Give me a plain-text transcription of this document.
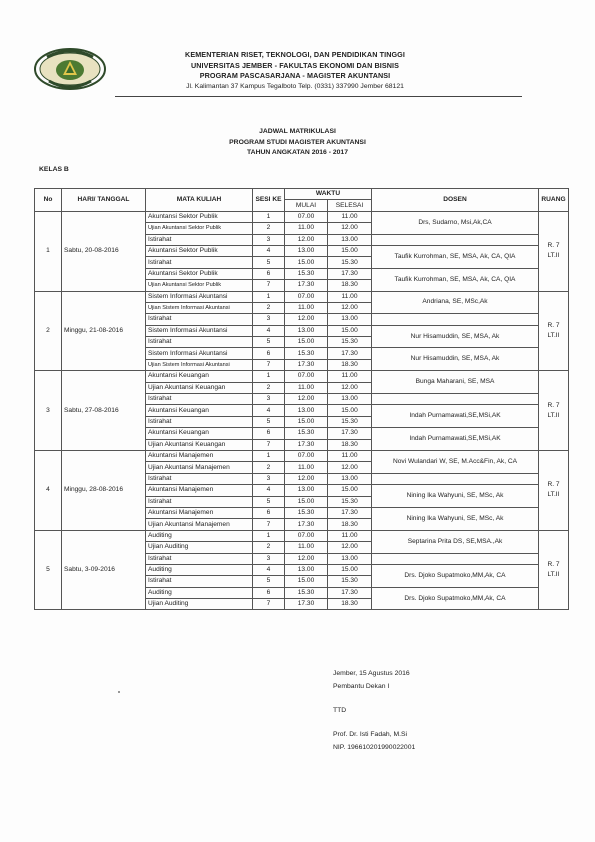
KEMENTERIAN RISET, TEKNOLOGI, DAN PENDIDIKAN TINGGI
UNIVERSITAS JEMBER - FAKULTAS EKONOMI DAN BISNIS
PROGRAM PASCASARJANA - MAGISTER AKUNTANSI
Jl. Kalimantan 37 Kampus Tegalboto Telp. (0331) 337990 Jember 68121
JADWAL MATRIKULASI
PROGRAM STUDI MAGISTER AKUNTANSI
TAHUN ANGKATAN 2016 - 2017
KELAS B
No	HARI/ TANGGAL	MATA KULIAH	SESI KE	WAKTU		DOSEN	RUANG
				MULAI	SELESAI		
1	Sabtu, 20-08-2016	Akuntansi Sektor Publik	1	07.00	11.00	Drs, Sudarno, Msi,Ak,CA	R. 7
LT.II

		Ujian Akuntansi Sektor Publik	2	11.00	12.00		
		Istirahat	3	12.00	13.00		
		Akuntansi Sektor Publik	4	13.00	15.00	Taufik Kurrohman, SE, MSA, Ak, CA, QIA	
		Istirahat	5	15.00	15.30		
		Akuntansi Sektor Publik	6	15.30	17.30	Taufik Kurrohman, SE, MSA, Ak, CA, QIA	
		Ujian Akuntansi Sektor Publik	7	17.30	18.30		
2	Minggu, 21-08-2016	Sistem Informasi Akuntansi	1	07.00	11.00	Andriana, SE, MSc,Ak	R. 7
LT.II

		Ujian Sistem Informasi Akuntansi	2	11.00	12.00		
		Istirahat	3	12.00	13.00		
		Sistem Informasi Akuntansi	4	13.00	15.00	Nur Hisamuddin, SE, MSA, Ak	
		Istirahat	5	15.00	15.30		
		Sistem Informasi Akuntansi	6	15.30	17.30	Nur Hisamuddin, SE, MSA, Ak	
		Ujian Sistem Informasi Akuntansi	7	17.30	18.30		
3	Sabtu, 27-08-2016	Akuntansi Keuangan	1	07.00	11.00	Bunga Maharani, SE, MSA	R. 7
LT.II

		Ujian Akuntansi Keuangan	2	11.00	12.00		
		Istirahat	3	12.00	13.00		
		Akuntansi Keuangan	4	13.00	15.00	Indah Purnamawati,SE,MSi,AK	
		Istirahat	5	15.00	15.30		
		Akuntansi Keuangan	6	15.30	17.30	Indah Purnamawati,SE,MSi,AK	
		Ujian Akuntansi Keuangan	7	17.30	18.30		
4	Minggu, 28-08-2016	Akuntansi Manajemen	1	07.00	11.00	Novi Wulandari W, SE, M.Acc&Fin, Ak, CA	R. 7
LT.II

		Ujian Akuntansi Manajemen	2	11.00	12.00		
		Istirahat	3	12.00	13.00		
		Akuntansi Manajemen	4	13.00	15.00	Nining Ika Wahyuni, SE, MSc, Ak	
		Istirahat	5	15.00	15.30		
		Akuntansi Manajemen	6	15.30	17.30	Nining Ika Wahyuni, SE, MSc, Ak	
		Ujian Akuntansi Manajemen	7	17.30	18.30		
5	Sabtu, 3-09-2016	Auditing	1	07.00	11.00	Septarina Prita DS, SE,MSA.,Ak	R. 7
LT.II

		Ujian Auditing	2	11.00	12.00		
		Istirahat	3	12.00	13.00		
		Auditing	4	13.00	15.00	Drs. Djoko Supatmoko,MM,Ak, CA	
		Istirahat	5	15.00	15.30		
		Auditing	6	15.30	17.30	Drs. Djoko Supatmoko,MM,Ak, CA	
		Ujian Auditing	7	17.30	18.30		
Jember, 15 Agustus 2016
Pembantu Dekan I
TTD
Prof. Dr. Isti Fadah, M.Si
NIP. 196610201990022001
